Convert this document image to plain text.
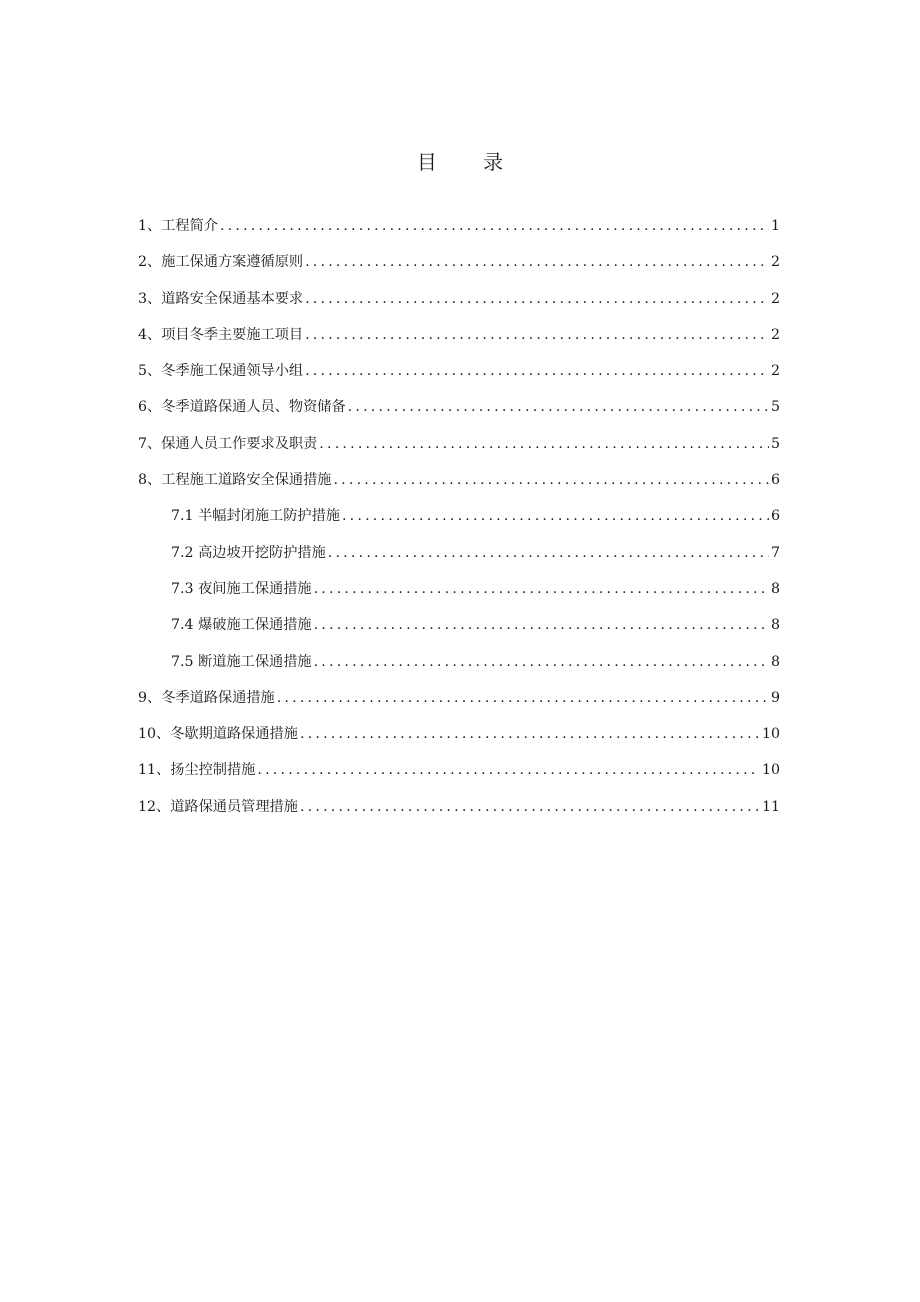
目 录
1、工程简介 .....	1
2、施工保通方案遵循原则 .....	2
3、道路安全保通基本要求 .....	2
4、项目冬季主要施工项目 .....	2
5、冬季施工保通领导小组 .....	2
6、冬季道路保通人员、物资储备 .....	5
7、保通人员工作要求及职责 .....	5
8、工程施工道路安全保通措施 .....	6
7.1 半幅封闭施工防护措施 .....	6
7.2 高边坡开挖防护措施 .....	7
7.3 夜间施工保通措施 .....	8
7.4 爆破施工保通措施 .....	8
7.5 断道施工保通措施 .....	8
9、冬季道路保通措施 .....	9
10、冬歇期道路保通措施 .....	10
11、扬尘控制措施 .....	10
12、道路保通员管理措施 .....	11
